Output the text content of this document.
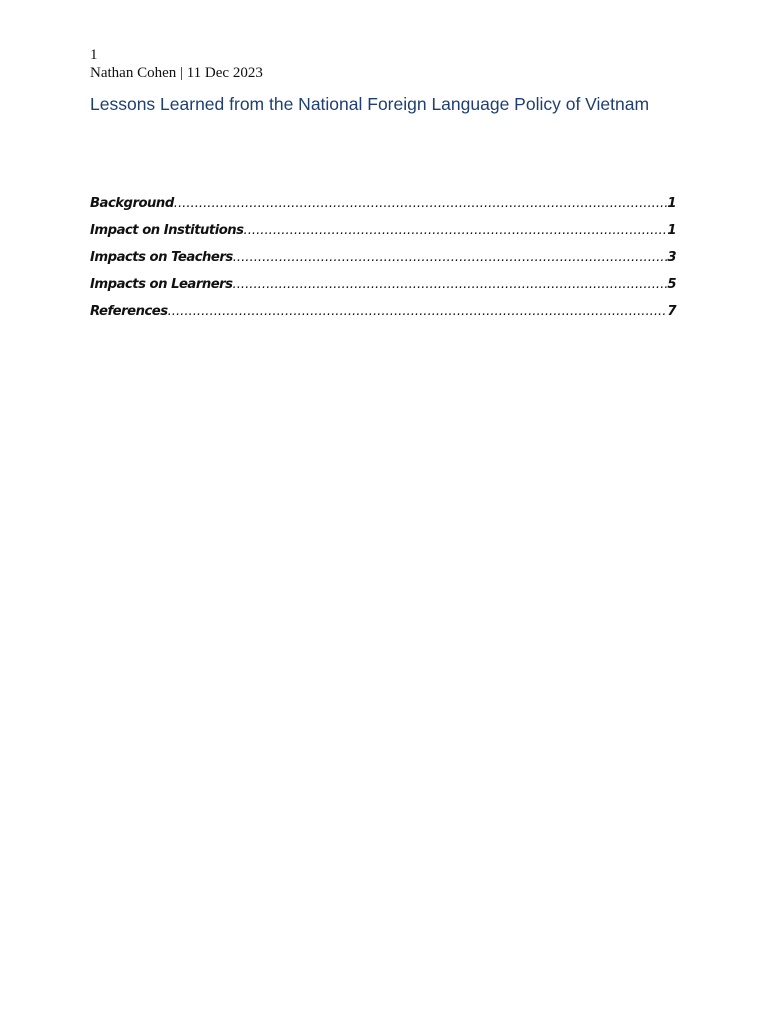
1
Nathan Cohen | 11 Dec 2023
Lessons Learned from the National Foreign Language Policy of Vietnam
Background .....	1
Impact on Institutions .....	1
Impacts on Teachers .....	3
Impacts on Learners .....	5
References .....	7
